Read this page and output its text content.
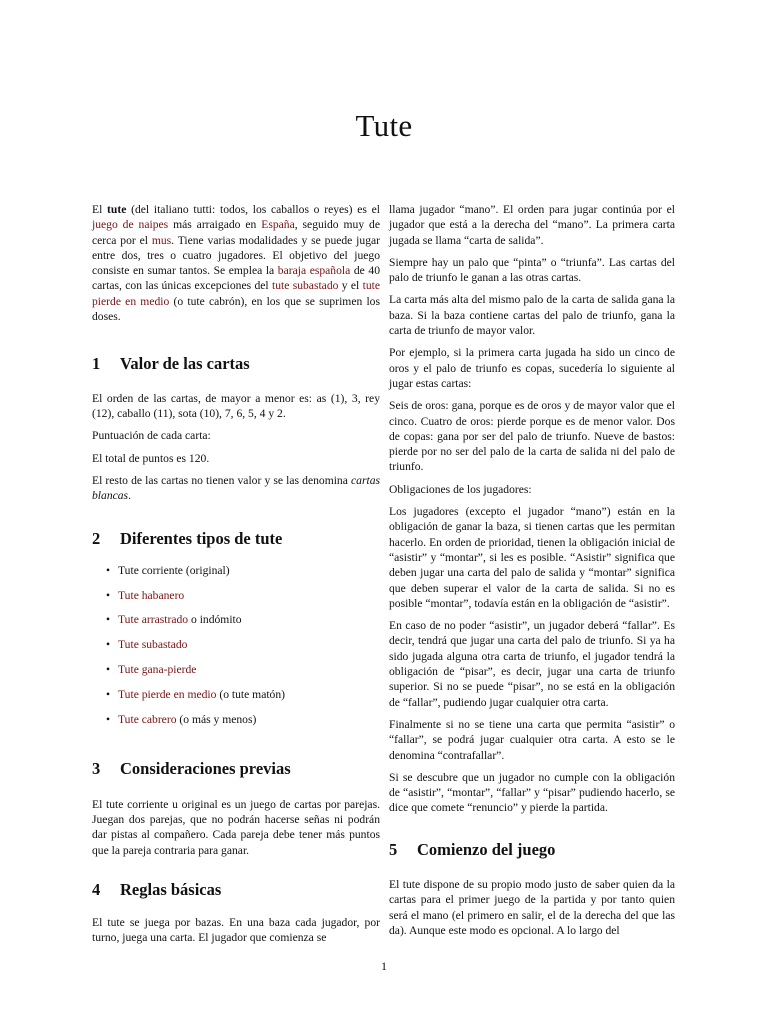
Tute

El tute (del italiano tutti: todos, los caballos o reyes) es el juego de naipes más arraigado en España, seguido muy de cerca por el mus. Tiene varias modalidades y se puede jugar entre dos, tres o cuatro jugadores. El objetivo del juego consiste en sumar tantos. Se emplea la baraja española de 40 cartas, con las únicas excepciones del tute subastado y el tute pierde en medio (o tute cabrón), en los que se suprimen los doses.

1 Valor de las cartas

El orden de las cartas, de mayor a menor es: as (1), 3, rey (12), caballo (11), sota (10), 7, 6, 5, 4 y 2.

Puntuación de cada carta:

El total de puntos es 120.

El resto de las cartas no tienen valor y se las denomina cartas blancas.

2 Diferentes tipos de tute
• Tute corriente (original)
• Tute habanero
• Tute arrastrado o indómito
• Tute subastado
• Tute gana-pierde
• Tute pierde en medio (o tute matón)
• Tute cabrero (o más y menos)
3 Consideraciones previas

El tute corriente u original es un juego de cartas por parejas. Juegan dos parejas, que no podrán hacerse señas ni podrán dar pistas al compañero. Cada pareja debe tener más puntos que la pareja contraria para ganar.

4 Reglas básicas

El tute se juega por bazas. En una baza cada jugador, por turno, juega una carta. El jugador que comienza se

llama jugador “mano”. El orden para jugar continúa por el jugador que está a la derecha del “mano”. La primera carta jugada se llama “carta de salida”.

Siempre hay un palo que “pinta” o “triunfa”. Las cartas del palo de triunfo le ganan a las otras cartas.

La carta más alta del mismo palo de la carta de salida gana la baza. Si la baza contiene cartas del palo de triunfo, gana la carta de triunfo de mayor valor.

Por ejemplo, si la primera carta jugada ha sido un cinco de oros y el palo de triunfo es copas, sucedería lo siguiente al jugar estas cartas:

Seis de oros: gana, porque es de oros y de mayor valor que el cinco. Cuatro de oros: pierde porque es de menor valor. Dos de copas: gana por ser del palo de triunfo. Nueve de bastos: pierde por no ser del palo de la carta de salida ni del palo de triunfo.

Obligaciones de los jugadores:

Los jugadores (excepto el jugador “mano”) están en la obligación de ganar la baza, si tienen cartas que les permitan hacerlo. En orden de prioridad, tienen la obligación inicial de “asistir” y “montar”, si les es posible. “Asistir” significa que deben jugar una carta del palo de salida y “montar” significa que deben superar el valor de la carta de salida. Si no es posible “montar”, todavía están en la obligación de “asistir”.

En caso de no poder “asistir”, un jugador deberá “fallar”. Es decir, tendrá que jugar una carta del palo de triunfo. Si ya ha sido jugada alguna otra carta de triunfo, el jugador tendrá la obligación de “pisar”, es decir, jugar una carta de triunfo superior. Si no se puede “pisar”, no se está en la obligación de “fallar”, pudiendo jugar cualquier otra carta.

Finalmente si no se tiene una carta que permita “asistir” o “fallar”, se podrá jugar cualquier otra carta. A esto se le denomina “contrafallar”.

Si se descubre que un jugador no cumple con la obligación de “asistir”, “montar”, “fallar” y “pisar” pudiendo hacerlo, se dice que comete “renuncio” y pierde la partida.

5 Comienzo del juego

El tute dispone de su propio modo justo de saber quien da la cartas para el primer juego de la partida y por tanto quien será el mano (el primero en salir, el de la derecha del que las da). Aunque este modo es opcional. A lo largo del

1
